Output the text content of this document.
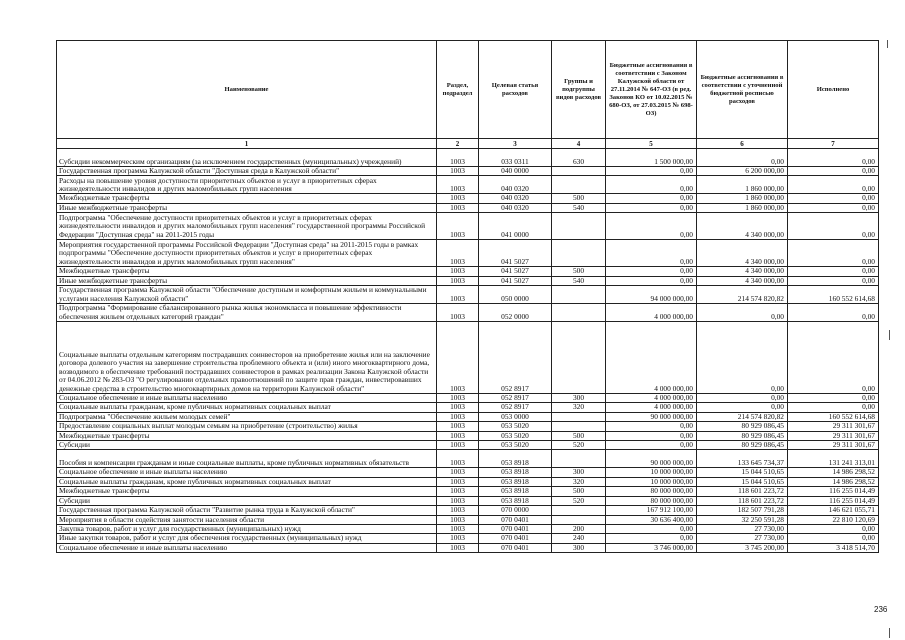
Наименование	Раздел, подраздел	Целевая статья расходов	Группы и подгруппы видов расходов	Бюджетные ассигнования в соответствии с Законом Калужской области от 27.11.2014 № 647-ОЗ (в ред. Законов КО от 10.02.2015 № 680-ОЗ, от 27.03.2015 № 698-ОЗ)	Бюджетные ассигнования в соответствии с уточненной бюджетной росписью расходов	Исполнено
1	2	3	4	5	6	7
Субсидии некоммерческим организациям (за исключением государственных (муниципальных) учреждений)	1003	033 0311	630	1 500 000,00	0,00	0,00
Государственная программа Калужской области "Доступная среда в Калужской области"	1003	040 0000		0,00	6 200 000,00	0,00
Расходы на повышение уровня доступности приоритетных объектов и услуг в приоритетных сферах жизнедеятельности инвалидов и других маломобильных групп населения	1003	040 0320		0,00	1 860 000,00	0,00
Межбюджетные трансферты	1003	040 0320	500	0,00	1 860 000,00	0,00
Иные межбюджетные трансферты	1003	040 0320	540	0,00	1 860 000,00	0,00
Подпрограмма "Обеспечение доступности приоритетных объектов и услуг в приоритетных сферах жизнедеятельности инвалидов и других маломобильных групп населения" государственной программы Российской Федерации "Доступная среда" на 2011-2015 годы	1003	041 0000		0,00	4 340 000,00	0,00
Мероприятия государственной программы Российской Федерации "Доступная среда" на 2011-2015 годы в рамках подпрограммы "Обеспечение доступности приоритетных объектов и услуг в приоритетных сферах жизнедеятельности инвалидов и других маломобильных групп населения"	1003	041 5027		0,00	4 340 000,00	0,00
Межбюджетные трансферты	1003	041 5027	500	0,00	4 340 000,00	0,00
Иные межбюджетные трансферты	1003	041 5027	540	0,00	4 340 000,00	0,00
Государственная программа Калужской области "Обеспечение доступным и комфортным жильем и коммунальными услугами населения Калужской области"	1003	050 0000		94 000 000,00	214 574 820,82	160 552 614,68
Подпрограмма "Формирование сбалансированного рынка жилья экономкласса и повышение эффективности обеспечения жильем отдельных категорий граждан"	1003	052 0000		4 000 000,00	0,00	0,00
Социальные выплаты отдельным категориям пострадавших соинвесторов на приобретение жилья или на заключение договора долевого участия на завершение строительства проблемного объекта и (или) иного многоквартирного дома, возводимого в обеспечение требований пострадавших соинвесторов в рамках реализации Закона Калужской области от 04.06.2012 № 283-ОЗ "О регулировании отдельных правоотношений по защите прав граждан, инвестировавших денежные средства в строительство многоквартирных домов на территории Калужской области"	1003	052 8917		4 000 000,00	0,00	0,00
Социальное обеспечение и иные выплаты населению	1003	052 8917	300	4 000 000,00	0,00	0,00
Социальные выплаты гражданам, кроме публичных нормативных социальных выплат	1003	052 8917	320	4 000 000,00	0,00	0,00
Подпрограмма "Обеспечение жильем молодых семей"	1003	053 0000		90 000 000,00	214 574 820,82	160 552 614,68
Предоставление социальных выплат молодым семьям на приобретение (строительство) жилья	1003	053 5020		0,00	80 929 086,45	29 311 301,67
Межбюджетные трансферты	1003	053 5020	500	0,00	80 929 086,45	29 311 301,67
Субсидии	1003	053 5020	520	0,00	80 929 086,45	29 311 301,67
Пособия и компенсации гражданам и иные социальные выплаты, кроме публичных нормативных обязательств	1003	053 8918		90 000 000,00	133 645 734,37	131 241 313,01
Социальное обеспечение и иные выплаты населению	1003	053 8918	300	10 000 000,00	15 044 510,65	14 986 298,52
Социальные выплаты гражданам, кроме публичных нормативных социальных выплат	1003	053 8918	320	10 000 000,00	15 044 510,65	14 986 298,52
Межбюджетные трансферты	1003	053 8918	500	80 000 000,00	118 601 223,72	116 255 014,49
Субсидии	1003	053 8918	520	80 000 000,00	118 601 223,72	116 255 014,49
Государственная программа Калужской области "Развитие рынка труда в Калужской области"	1003	070 0000		167 912 100,00	182 507 791,28	146 621 055,71
Мероприятия в области содействия занятости населения области	1003	070 0401		30 636 400,00	32 250 591,28	22 810 120,69
Закупка товаров, работ и услуг для государственных (муниципальных) нужд	1003	070 0401	200	0,00	27 730,00	0,00
Иные закупки товаров, работ и услуг для обеспечения государственных (муниципальных) нужд	1003	070 0401	240	0,00	27 730,00	0,00
Социальное обеспечение и иные выплаты населению	1003	070 0401	300	3 746 000,00	3 745 200,00	3 418 514,70
236
